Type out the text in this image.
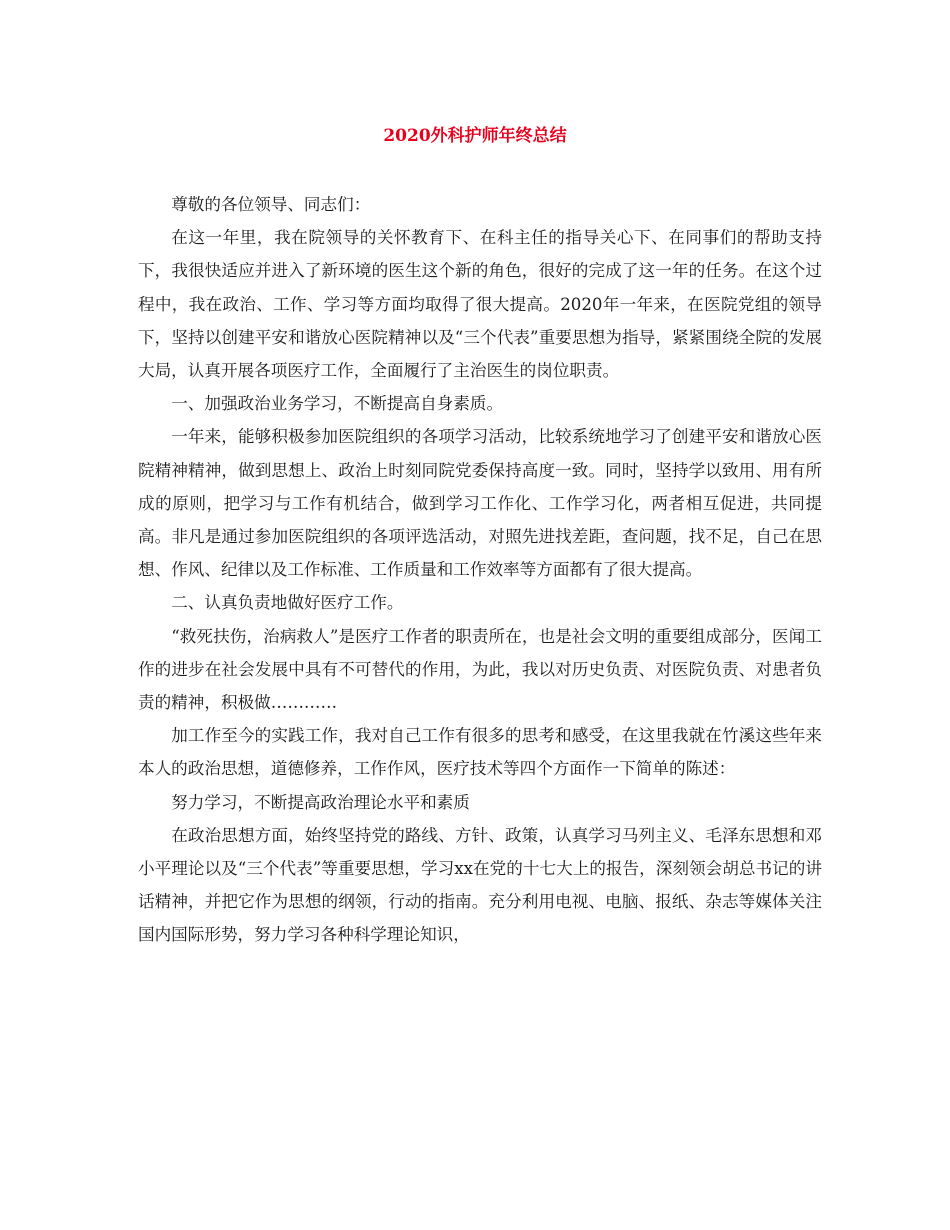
2020外科护师年终总结

尊敬的各位领导、同志们：

在这一年里，我在院领导的关怀教育下、在科主任的指导关心下、在同事们的帮助支持下，我很快适应并进入了新环境的医生这个新的角色，很好的完成了这一年的任务。在这个过程中，我在政治、工作、学习等方面均取得了很大提高。2020年一年来，在医院党组的领导下，坚持以创建平安和谐放心医院精神以及“三个代表”重要思想为指导，紧紧围绕全院的发展大局，认真开展各项医疗工作，全面履行了主治医生的岗位职责。

一、加强政治业务学习，不断提高自身素质。

一年来，能够积极参加医院组织的各项学习活动，比较系统地学习了创建平安和谐放心医院精神精神，做到思想上、政治上时刻同院党委保持高度一致。同时，坚持学以致用、用有所成的原则，把学习与工作有机结合，做到学习工作化、工作学习化，两者相互促进，共同提高。非凡是通过参加医院组织的各项评选活动，对照先进找差距，查问题，找不足，自己在思想、作风、纪律以及工作标准、工作质量和工作效率等方面都有了很大提高。

二、认真负责地做好医疗工作。

“救死扶伤，治病救人”是医疗工作者的职责所在，也是社会文明的重要组成部分，医闻工作的进步在社会发展中具有不可替代的作用，为此，我以对历史负责、对医院负责、对患者负责的精神，积极做…………

加工作至今的实践工作，我对自己工作有很多的思考和感受，在这里我就在竹溪这些年来本人的政治思想，道德修养，工作作风，医疗技术等四个方面作一下简单的陈述：

努力学习，不断提高政治理论水平和素质

在政治思想方面，始终坚持党的路线、方针、政策，认真学习马列主义、毛泽东思想和邓小平理论以及“三个代表”等重要思想，学习xx在党的十七大上的报告，深刻领会胡总书记的讲话精神，并把它作为思想的纲领，行动的指南。充分利用电视、电脑、报纸、杂志等媒体关注国内国际形势，努力学习各种科学理论知识，
